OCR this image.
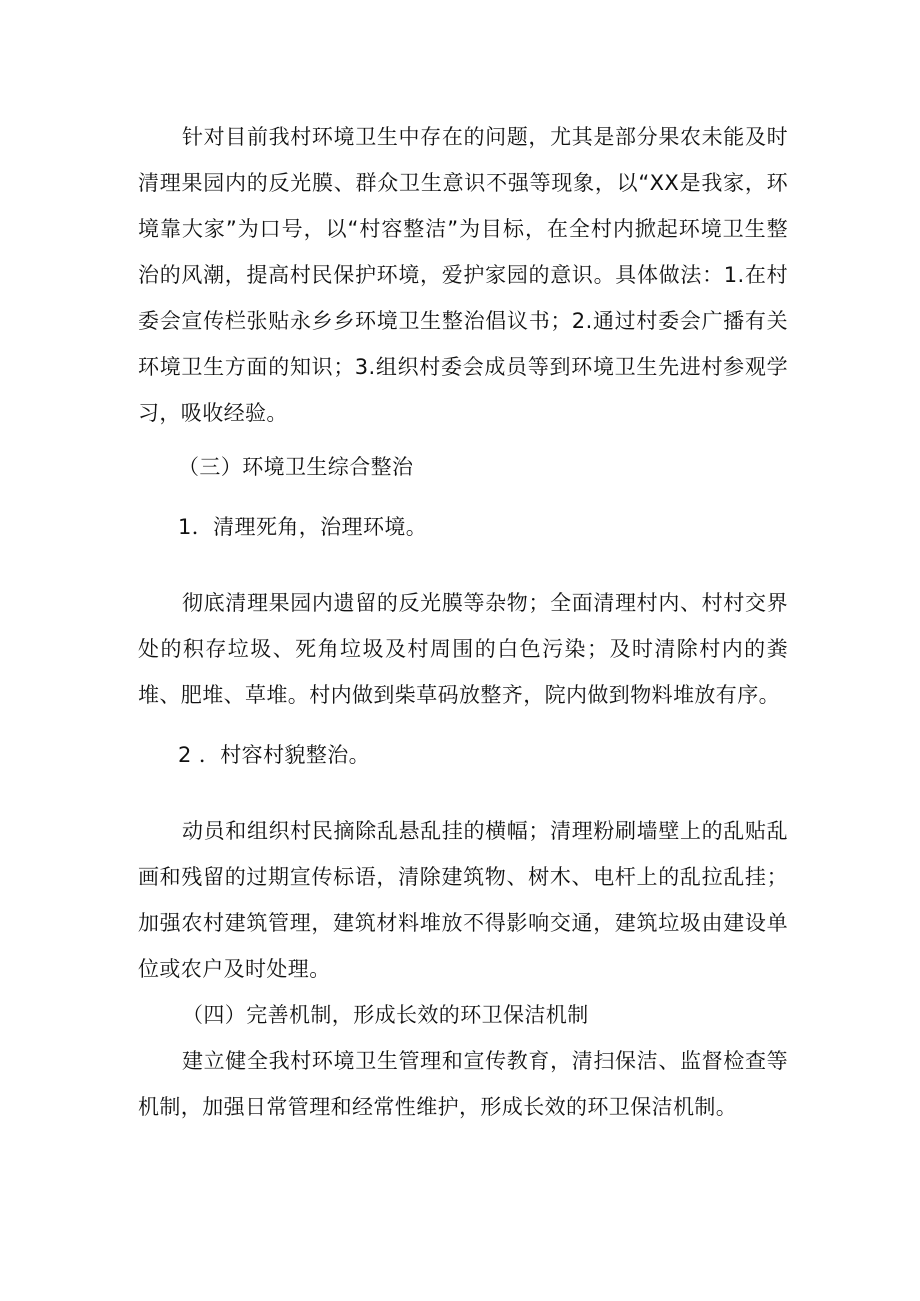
针对目前我村环境卫生中存在的问题，尤其是部分果农未能及时清理果园内的反光膜、群众卫生意识不强等现象，以“XX是我家，环境靠大家”为口号，以“村容整洁”为目标，在全村内掀起环境卫生整治的风潮，提高村民保护环境，爱护家园的意识。具体做法：1.在村委会宣传栏张贴永乡乡环境卫生整治倡议书；2.通过村委会广播有关环境卫生方面的知识；3.组织村委会成员等到环境卫生先进村参观学习，吸收经验。

（三）环境卫生综合整治

1．清理死角，治理环境。

彻底清理果园内遗留的反光膜等杂物；全面清理村内、村村交界处的积存垃圾、死角垃圾及村周围的白色污染；及时清除村内的粪堆、肥堆、草堆。村内做到柴草码放整齐，院内做到物料堆放有序。

2 ．村容村貌整治。

动员和组织村民摘除乱悬乱挂的横幅；清理粉刷墙壁上的乱贴乱画和残留的过期宣传标语，清除建筑物、树木、电杆上的乱拉乱挂；加强农村建筑管理，建筑材料堆放不得影响交通，建筑垃圾由建设单位或农户及时处理。

（四）完善机制，形成长效的环卫保洁机制

建立健全我村环境卫生管理和宣传教育，清扫保洁、监督检查等机制，加强日常管理和经常性维护，形成长效的环卫保洁机制。
